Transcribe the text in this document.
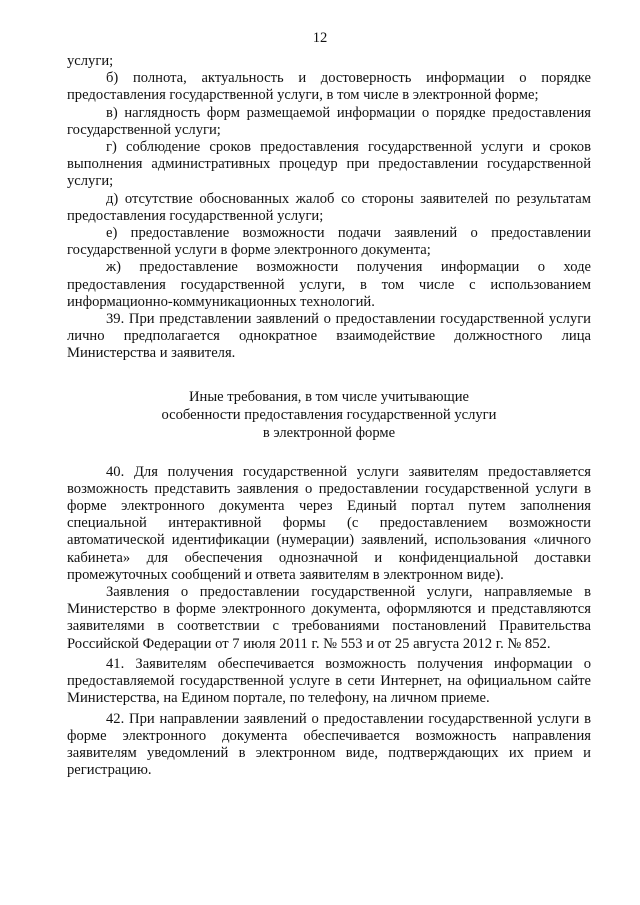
12

услуги;

б) полнота, актуальность и достоверность информации о порядке предоставления государственной услуги, в том числе в электронной форме;

в) наглядность форм размещаемой информации о порядке предоставления государственной услуги;

г) соблюдение сроков предоставления государственной услуги и сроков выполнения административных процедур при предоставлении государственной услуги;

д) отсутствие обоснованных жалоб со стороны заявителей по результатам предоставления государственной услуги;

е) предоставление возможности подачи заявлений о предоставлении государственной услуги в форме электронного документа;

ж) предоставление возможности получения информации о ходе предоставления государственной услуги, в том числе с использованием информационно-коммуникационных технологий.

39. При представлении заявлений о предоставлении государственной услуги лично предполагается однократное взаимодействие должностного лица Министерства и заявителя.

Иные требования, в том числе учитывающие
особенности предоставления государственной услуги
в электронной форме

40. Для получения государственной услуги заявителям предоставляется возможность представить заявления о предоставлении государственной услуги в форме электронного документа через Единый портал путем заполнения специальной интерактивной формы (с предоставлением возможности автоматической идентификации (нумерации) заявлений, использования «личного кабинета» для обеспечения однозначной и конфиденциальной доставки промежуточных сообщений и ответа заявителям в электронном виде).

Заявления о предоставлении государственной услуги, направляемые в Министерство в форме электронного документа, оформляются и представляются заявителями в соответствии с требованиями постановлений Правительства Российской Федерации от 7 июля 2011 г. № 553 и от 25 августа 2012 г. № 852.

41. Заявителям обеспечивается возможность получения информации о предоставляемой государственной услуге в сети Интернет, на официальном сайте Министерства, на Едином портале, по телефону, на личном приеме.

42. При направлении заявлений о предоставлении государственной услуги в форме электронного документа обеспечивается возможность направления заявителям уведомлений в электронном виде, подтверждающих их прием и регистрацию.
